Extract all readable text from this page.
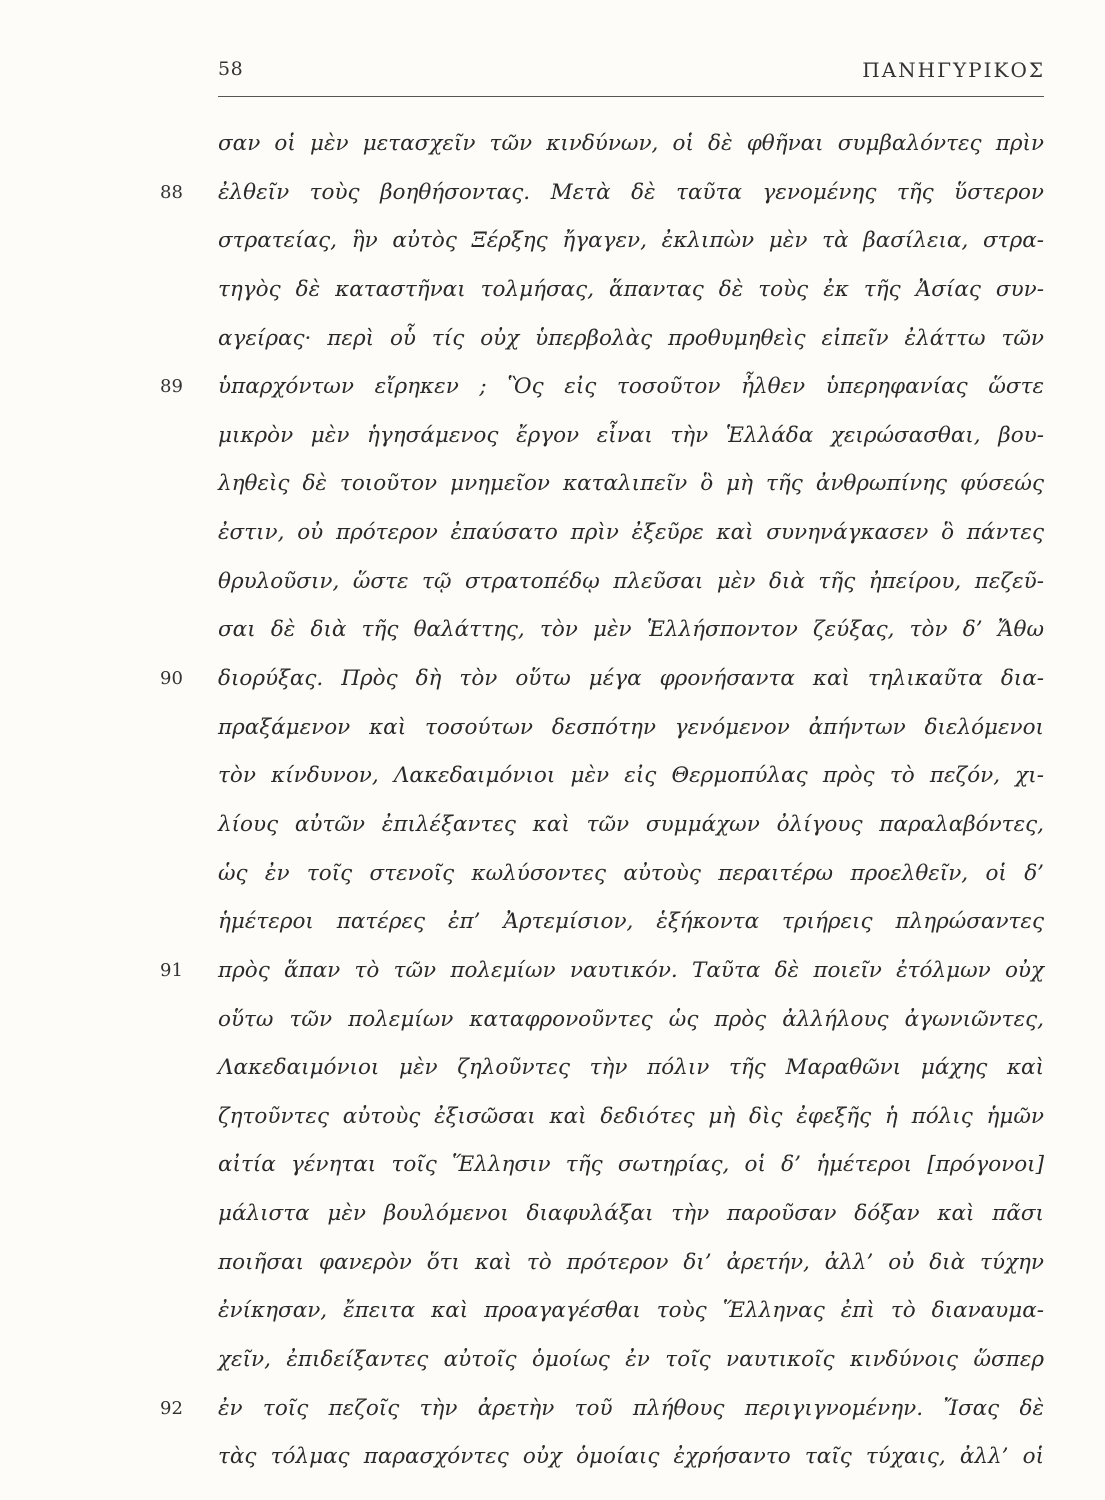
58	ΠΑΝΗΓΥΡΙΚΟΣ
σαν οἱ μὲν μετασχεῖν τῶν κινδύνων, οἱ δὲ φθῆναι συμβαλόντες πρὶν
88	ἐλθεῖν τοὺς βοηθήσοντας. Μετὰ δὲ ταῦτα γενομένης τῆς ὕστερον
στρατείας, ἣν αὐτὸς Ξέρξης ἤγαγεν, ἐκλιπὼν μὲν τὰ βασίλεια, στρα-
τηγὸς δὲ καταστῆναι τολμήσας, ἅπαντας δὲ τοὺς ἐκ τῆς Ἀσίας συν-
αγείρας· περὶ οὗ τίς οὐχ ὑπερβολὰς προθυμηθεὶς εἰπεῖν ἐλάττω τῶν
89	ὑπαρχόντων εἴρηκεν ; Ὃς εἰς τοσοῦτον ἦλθεν ὑπερηφανίας ὥστε
μικρὸν μὲν ἡγησάμενος ἔργον εἶναι τὴν Ἑλλάδα χειρώσασθαι, βου-
ληθεὶς δὲ τοιοῦτον μνημεῖον καταλιπεῖν ὃ μὴ τῆς ἀνθρωπίνης φύσεώς
ἐστιν, οὐ πρότερον ἐπαύσατο πρὶν ἐξεῦρε καὶ συνηνάγκασεν ὃ πάντες
θρυλοῦσιν, ὥστε τῷ στρατοπέδῳ πλεῦσαι μὲν διὰ τῆς ἠπείρου, πεζεῦ-
σαι δὲ διὰ τῆς θαλάττης, τὸν μὲν Ἑλλήσποντον ζεύξας, τὸν δ’ Ἄθω
90	διορύξας. Πρὸς δὴ τὸν οὕτω μέγα φρονήσαντα καὶ τηλικαῦτα δια-
πραξάμενον καὶ τοσούτων δεσπότην γενόμενον ἀπήντων διελόμενοι
τὸν κίνδυνον, Λακεδαιμόνιοι μὲν εἰς Θερμοπύλας πρὸς τὸ πεζόν, χι-
λίους αὐτῶν ἐπιλέξαντες καὶ τῶν συμμάχων ὀλίγους παραλαβόντες,
ὡς ἐν τοῖς στενοῖς κωλύσοντες αὐτοὺς περαιτέρω προελθεῖν, οἱ δ’
ἡμέτεροι πατέρες ἐπ’ Ἀρτεμίσιον, ἑξήκοντα τριήρεις πληρώσαντες
91	πρὸς ἅπαν τὸ τῶν πολεμίων ναυτικόν. Ταῦτα δὲ ποιεῖν ἐτόλμων οὐχ
οὕτω τῶν πολεμίων καταφρονοῦντες ὡς πρὸς ἀλλήλους ἀγωνιῶντες,
Λακεδαιμόνιοι μὲν ζηλοῦντες τὴν πόλιν τῆς Μαραθῶνι μάχης καὶ
ζητοῦντες αὐτοὺς ἐξισῶσαι καὶ δεδιότες μὴ δὶς ἐφεξῆς ἡ πόλις ἡμῶν
αἰτία γένηται τοῖς Ἕλλησιν τῆς σωτηρίας, οἱ δ’ ἡμέτεροι [πρόγονοι]
μάλιστα μὲν βουλόμενοι διαφυλάξαι τὴν παροῦσαν δόξαν καὶ πᾶσι
ποιῆσαι φανερὸν ὅτι καὶ τὸ πρότερον δι’ ἀρετήν, ἀλλ’ οὐ διὰ τύχην
ἐνίκησαν, ἔπειτα καὶ προαγαγέσθαι τοὺς Ἕλληνας ἐπὶ τὸ διαναυμα-
χεῖν, ἐπιδείξαντες αὐτοῖς ὁμοίως ἐν τοῖς ναυτικοῖς κινδύνοις ὥσπερ
92	ἐν τοῖς πεζοῖς τὴν ἀρετὴν τοῦ πλήθους περιγιγνομένην. Ἴσας δὲ
τὰς τόλμας παρασχόντες οὐχ ὁμοίαις ἐχρήσαντο ταῖς τύχαις, ἀλλ’ οἱ
